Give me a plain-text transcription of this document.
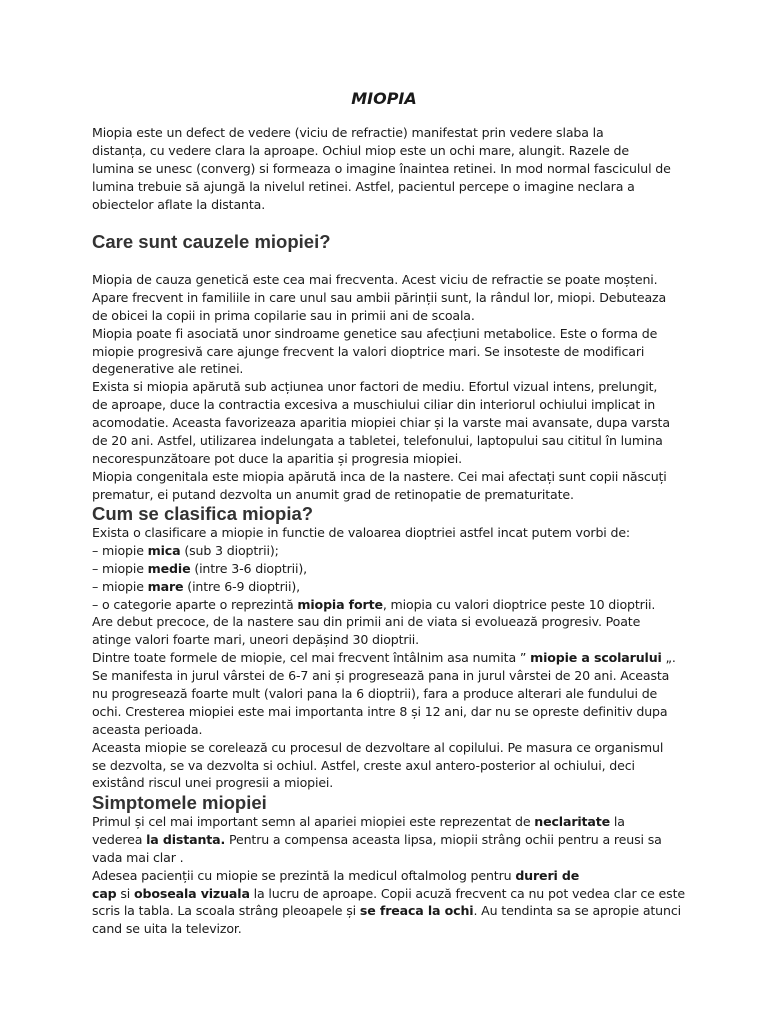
MIOPIA
Miopia este un defect de vedere (viciu de refractie) manifestat prin vedere slaba la
distanța, cu vedere clara la aproape. Ochiul miop este un ochi mare, alungit. Razele de
lumina se unesc (converg) si formeaza o imagine înaintea retinei. In mod normal fasciculul de
lumina trebuie să ajungă la nivelul retinei. Astfel, pacientul percepe o imagine neclara a
obiectelor aflate la distanta.
Care sunt cauzele miopiei?
Miopia de cauza genetică este cea mai frecventa. Acest viciu de refractie se poate moșteni.
Apare frecvent in familiile in care unul sau ambii părinții sunt, la rândul lor, miopi. Debuteaza
de obicei la copii in prima copilarie sau in primii ani de scoala.
Miopia poate fi asociată unor sindroame genetice sau afecțiuni metabolice. Este o forma de
miopie progresivă care ajunge frecvent la valori dioptrice mari. Se insoteste de modificari
degenerative ale retinei.
Exista si miopia apărută sub acțiunea unor factori de mediu. Efortul vizual intens, prelungit,
de aproape, duce la contractia excesiva a muschiului ciliar din interiorul ochiului implicat in
acomodatie. Aceasta favorizeaza aparitia miopiei chiar și la varste mai avansate, dupa varsta
de 20 ani. Astfel, utilizarea indelungata a tabletei, telefonului, laptopului sau cititul în lumina
necorespunzătoare pot duce la aparitia și progresia miopiei.
Miopia congenitala este miopia apărută inca de la nastere. Cei mai afectați sunt copii născuți
prematur, ei putand dezvolta un anumit grad de retinopatie de prematuritate.
Cum se clasifica miopia?
Exista o clasificare a miopie in functie de valoarea dioptriei astfel incat putem vorbi de:
– miopie mica (sub 3 dioptrii);
– miopie medie (intre 3-6 dioptrii),
– miopie mare (intre 6-9 dioptrii),
– o categorie aparte o reprezintă miopia forte, miopia cu valori dioptrice peste 10 dioptrii.
Are debut precoce, de la nastere sau din primii ani de viata si evoluează progresiv. Poate
atinge valori foarte mari, uneori depășind 30 dioptrii.
Dintre toate formele de miopie, cel mai frecvent întâlnim asa numita ” miopie a scolarului „.
Se manifesta in jurul vârstei de 6-7 ani și progresează pana in jurul vârstei de 20 ani. Aceasta
nu progresează foarte mult (valori pana la 6 dioptrii), fara a produce alterari ale fundului de
ochi. Cresterea miopiei este mai importanta intre 8 și 12 ani, dar nu se opreste definitiv dupa
aceasta perioada.
Aceasta miopie se corelează cu procesul de dezvoltare al copilului. Pe masura ce organismul
se dezvolta, se va dezvolta si ochiul. Astfel, creste axul antero-posterior al ochiului, deci
existând riscul unei progresii a miopiei.
Simptomele miopiei
Primul și cel mai important semn al apariei miopiei este reprezentat de neclaritate la
vederea la distanta. Pentru a compensa aceasta lipsa, miopii strâng ochii pentru a reusi sa
vada mai clar .
Adesea pacienții cu miopie se prezintă la medicul oftalmolog pentru dureri de
cap si oboseala vizuala la lucru de aproape. Copii acuză frecvent ca nu pot vedea clar ce este
scris la tabla. La scoala strâng pleoapele și se freaca la ochi. Au tendinta sa se apropie atunci
cand se uita la televizor.
